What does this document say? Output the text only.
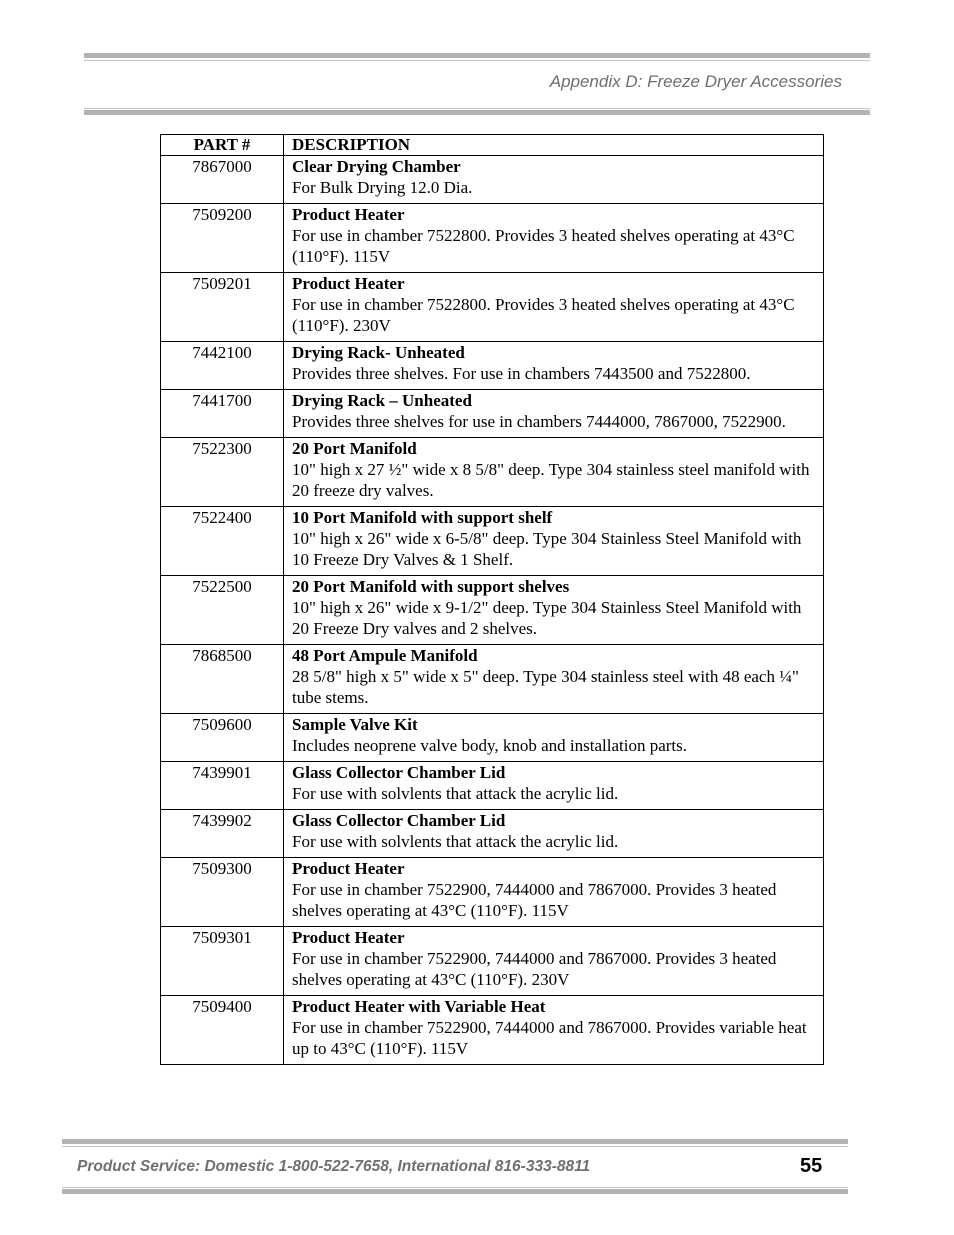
Appendix D: Freeze Dryer Accessories
PART #	DESCRIPTION
7867000	Clear Drying Chamber
For Bulk Drying 12.0 Dia.

7509200	Product Heater
For use in chamber 7522800. Provides 3 heated shelves operating at 43°C (110°F). 115V

7509201	Product Heater
For use in chamber 7522800. Provides 3 heated shelves operating at 43°C (110°F). 230V

7442100	Drying Rack- Unheated
Provides three shelves. For use in chambers 7443500 and 7522800.

7441700	Drying Rack – Unheated
Provides three shelves for use in chambers 7444000, 7867000, 7522900.

7522300	20 Port Manifold
10" high x 27 ½" wide x 8 5/8" deep. Type 304 stainless steel manifold with 20 freeze dry valves.

7522400	10 Port Manifold with support shelf
10" high x 26" wide x 6-5/8" deep. Type 304 Stainless Steel Manifold with 10 Freeze Dry Valves & 1 Shelf.

7522500	20 Port Manifold with support shelves
10" high x 26" wide x 9-1/2" deep. Type 304 Stainless Steel Manifold with 20 Freeze Dry valves and 2 shelves.

7868500	48 Port Ampule Manifold
28 5/8" high x 5" wide x 5" deep. Type 304 stainless steel with 48 each ¼" tube stems.

7509600	Sample Valve Kit
Includes neoprene valve body, knob and installation parts.

7439901	Glass Collector Chamber Lid
For use with solvlents that attack the acrylic lid.

7439902	Glass Collector Chamber Lid
For use with solvlents that attack the acrylic lid.

7509300	Product Heater
For use in chamber 7522900, 7444000 and 7867000. Provides 3 heated shelves operating at 43°C (110°F). 115V

7509301	Product Heater
For use in chamber 7522900, 7444000 and 7867000. Provides 3 heated shelves operating at 43°C (110°F). 230V

7509400	Product Heater with Variable Heat
For use in chamber 7522900, 7444000 and 7867000. Provides variable heat up to 43°C (110°F). 115V
Product Service: Domestic 1-800-522-7658, International 816-333-8811	55
